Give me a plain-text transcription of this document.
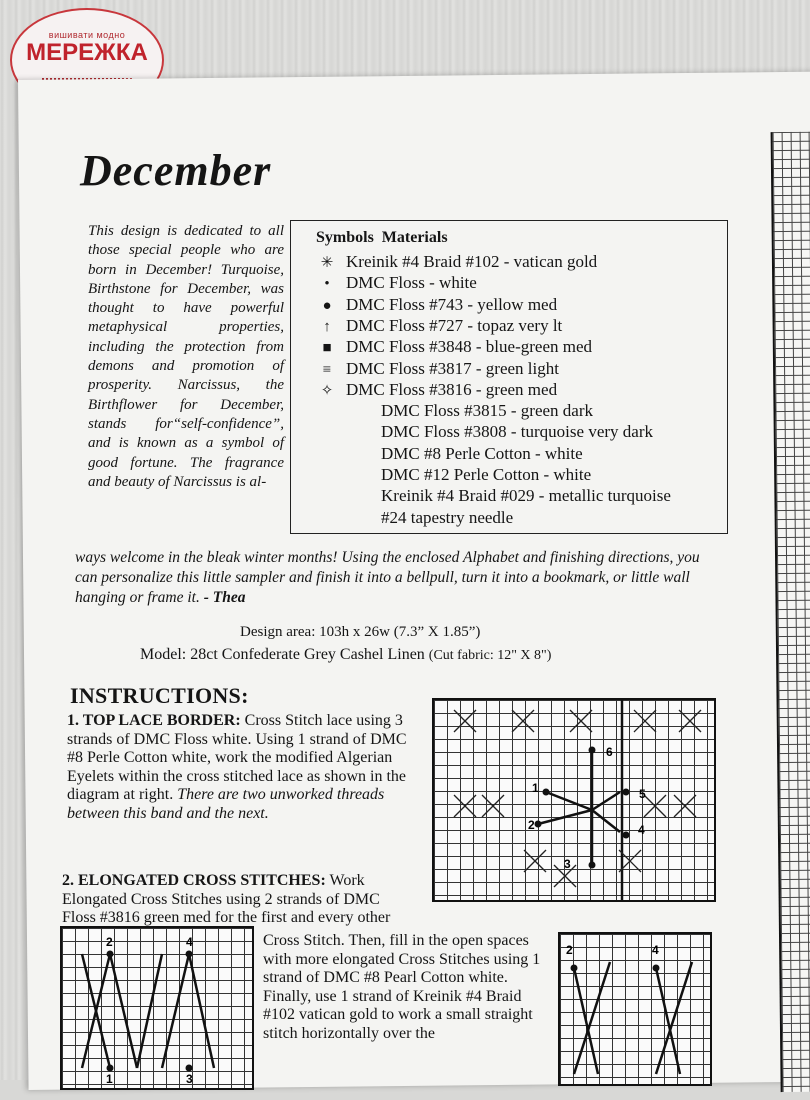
вишивати модно
МЕРЕЖКА
December
This design is dedicated to all those special people who are born in December! Turquoise, Birthstone for December, was thought to have powerful metaphysical properties, including the protection from demons and promotion of prosperity. Narcissus, the Birthflower for December, stands for“self-confidence”, and is known as a symbol of good fortune. The fragrance and beauty of Narcissus is al-
ways welcome in the bleak winter months! Using the enclosed Alphabet and finishing directions, you can personalize this little sampler and finish it into a bellpull, turn it into a bookmark, or little wall hanging or frame it. - Thea
Symbols Materials
✳ Kreinik #4 Braid #102 - vatican gold
• DMC Floss - white
● DMC Floss #743 - yellow med
↑ DMC Floss #727 - topaz very lt
■ DMC Floss #3848 - blue-green med
≡ DMC Floss #3817 - green light
✧ DMC Floss #3816 - green med
DMC Floss #3815 - green dark
DMC Floss #3808 - turquoise very dark
DMC #8 Perle Cotton - white
DMC #12 Perle Cotton - white
Kreinik #4 Braid #029 - metallic turquoise
#24 tapestry needle
Design area: 103h x 26w (7.3” X 1.85”)
Model: 28ct Confederate Grey Cashel Linen (Cut fabric: 12" X 8")
INSTRUCTIONS:
1. TOP LACE BORDER: Cross Stitch lace using 3 strands of DMC Floss white. Using 1 strand of DMC #8 Perle Cotton white, work the modified Algerian Eyelets within the cross stitched lace as shown in the diagram at right. There are two unworked threads between this band and the next.
2. ELONGATED CROSS STITCHES: Work Elongated Cross Stitches using 2 strands of DMC Floss #3816 green med for the first and every other
Cross Stitch. Then, fill in the open spaces with more elongated Cross Stitches using 1 strand of DMC #8 Pearl Cotton white. Finally, use 1 strand of Kreinik #4 Braid #102 vatican gold to work a small straight stitch horizontally over the
6
1
2
3
4
5
2	4
1	3
2	4
